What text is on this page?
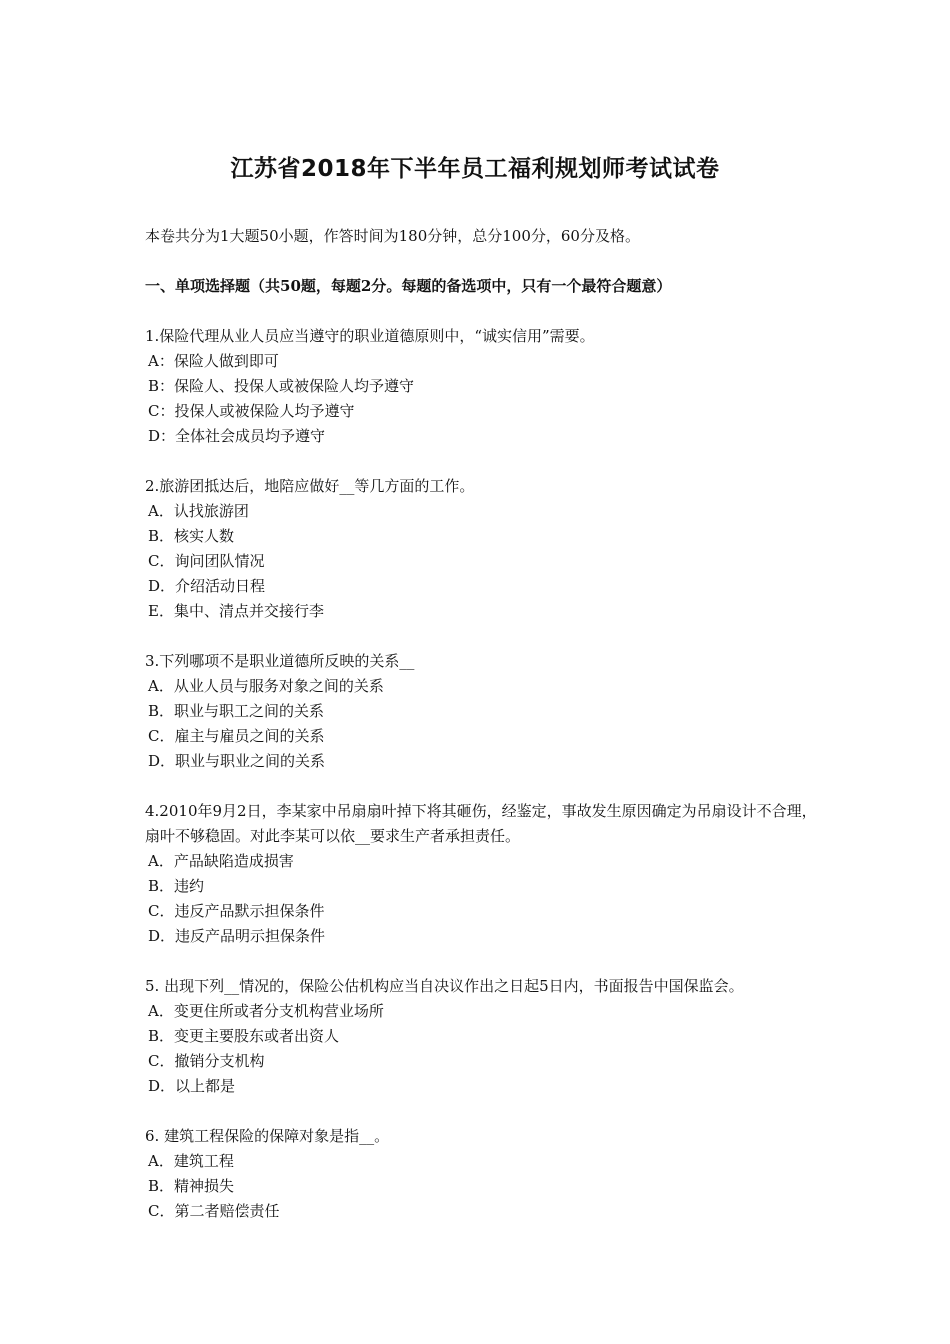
江苏省2018年下半年员工福利规划师考试试卷

本卷共分为1大题50小题，作答时间为180分钟，总分100分，60分及格。

一、单项选择题（共50题，每题2分。每题的备选项中，只有一个最符合题意）

1.保险代理从业人员应当遵守的职业道德原则中，“诚实信用”需要。

A：保险人做到即可
B：保险人、投保人或被保险人均予遵守
C：投保人或被保险人均予遵守
D：全体社会成员均予遵守

2.旅游团抵达后，地陪应做好__等几方面的工作。

A．认找旅游团
B．核实人数
C．询问团队情况
D．介绍活动日程
E．集中、清点并交接行李

3.下列哪项不是职业道德所反映的关系__

A．从业人员与服务对象之间的关系
B．职业与职工之间的关系
C．雇主与雇员之间的关系
D．职业与职业之间的关系

4.2010年9月2日，李某家中吊扇扇叶掉下将其砸伤，经鉴定，事故发生原因确定为吊扇设计不合理，扇叶不够稳固。对此李某可以依__要求生产者承担责任。

A．产品缺陷造成损害
B．违约
C．违反产品默示担保条件
D．违反产品明示担保条件

5. 出现下列__情况的，保险公估机构应当自决议作出之日起5日内，书面报告中国保监会。

A．变更住所或者分支机构营业场所
B．变更主要股东或者出资人
C．撤销分支机构
D．以上都是

6. 建筑工程保险的保障对象是指__。

A．建筑工程
B．精神损失
C．第二者赔偿责任
